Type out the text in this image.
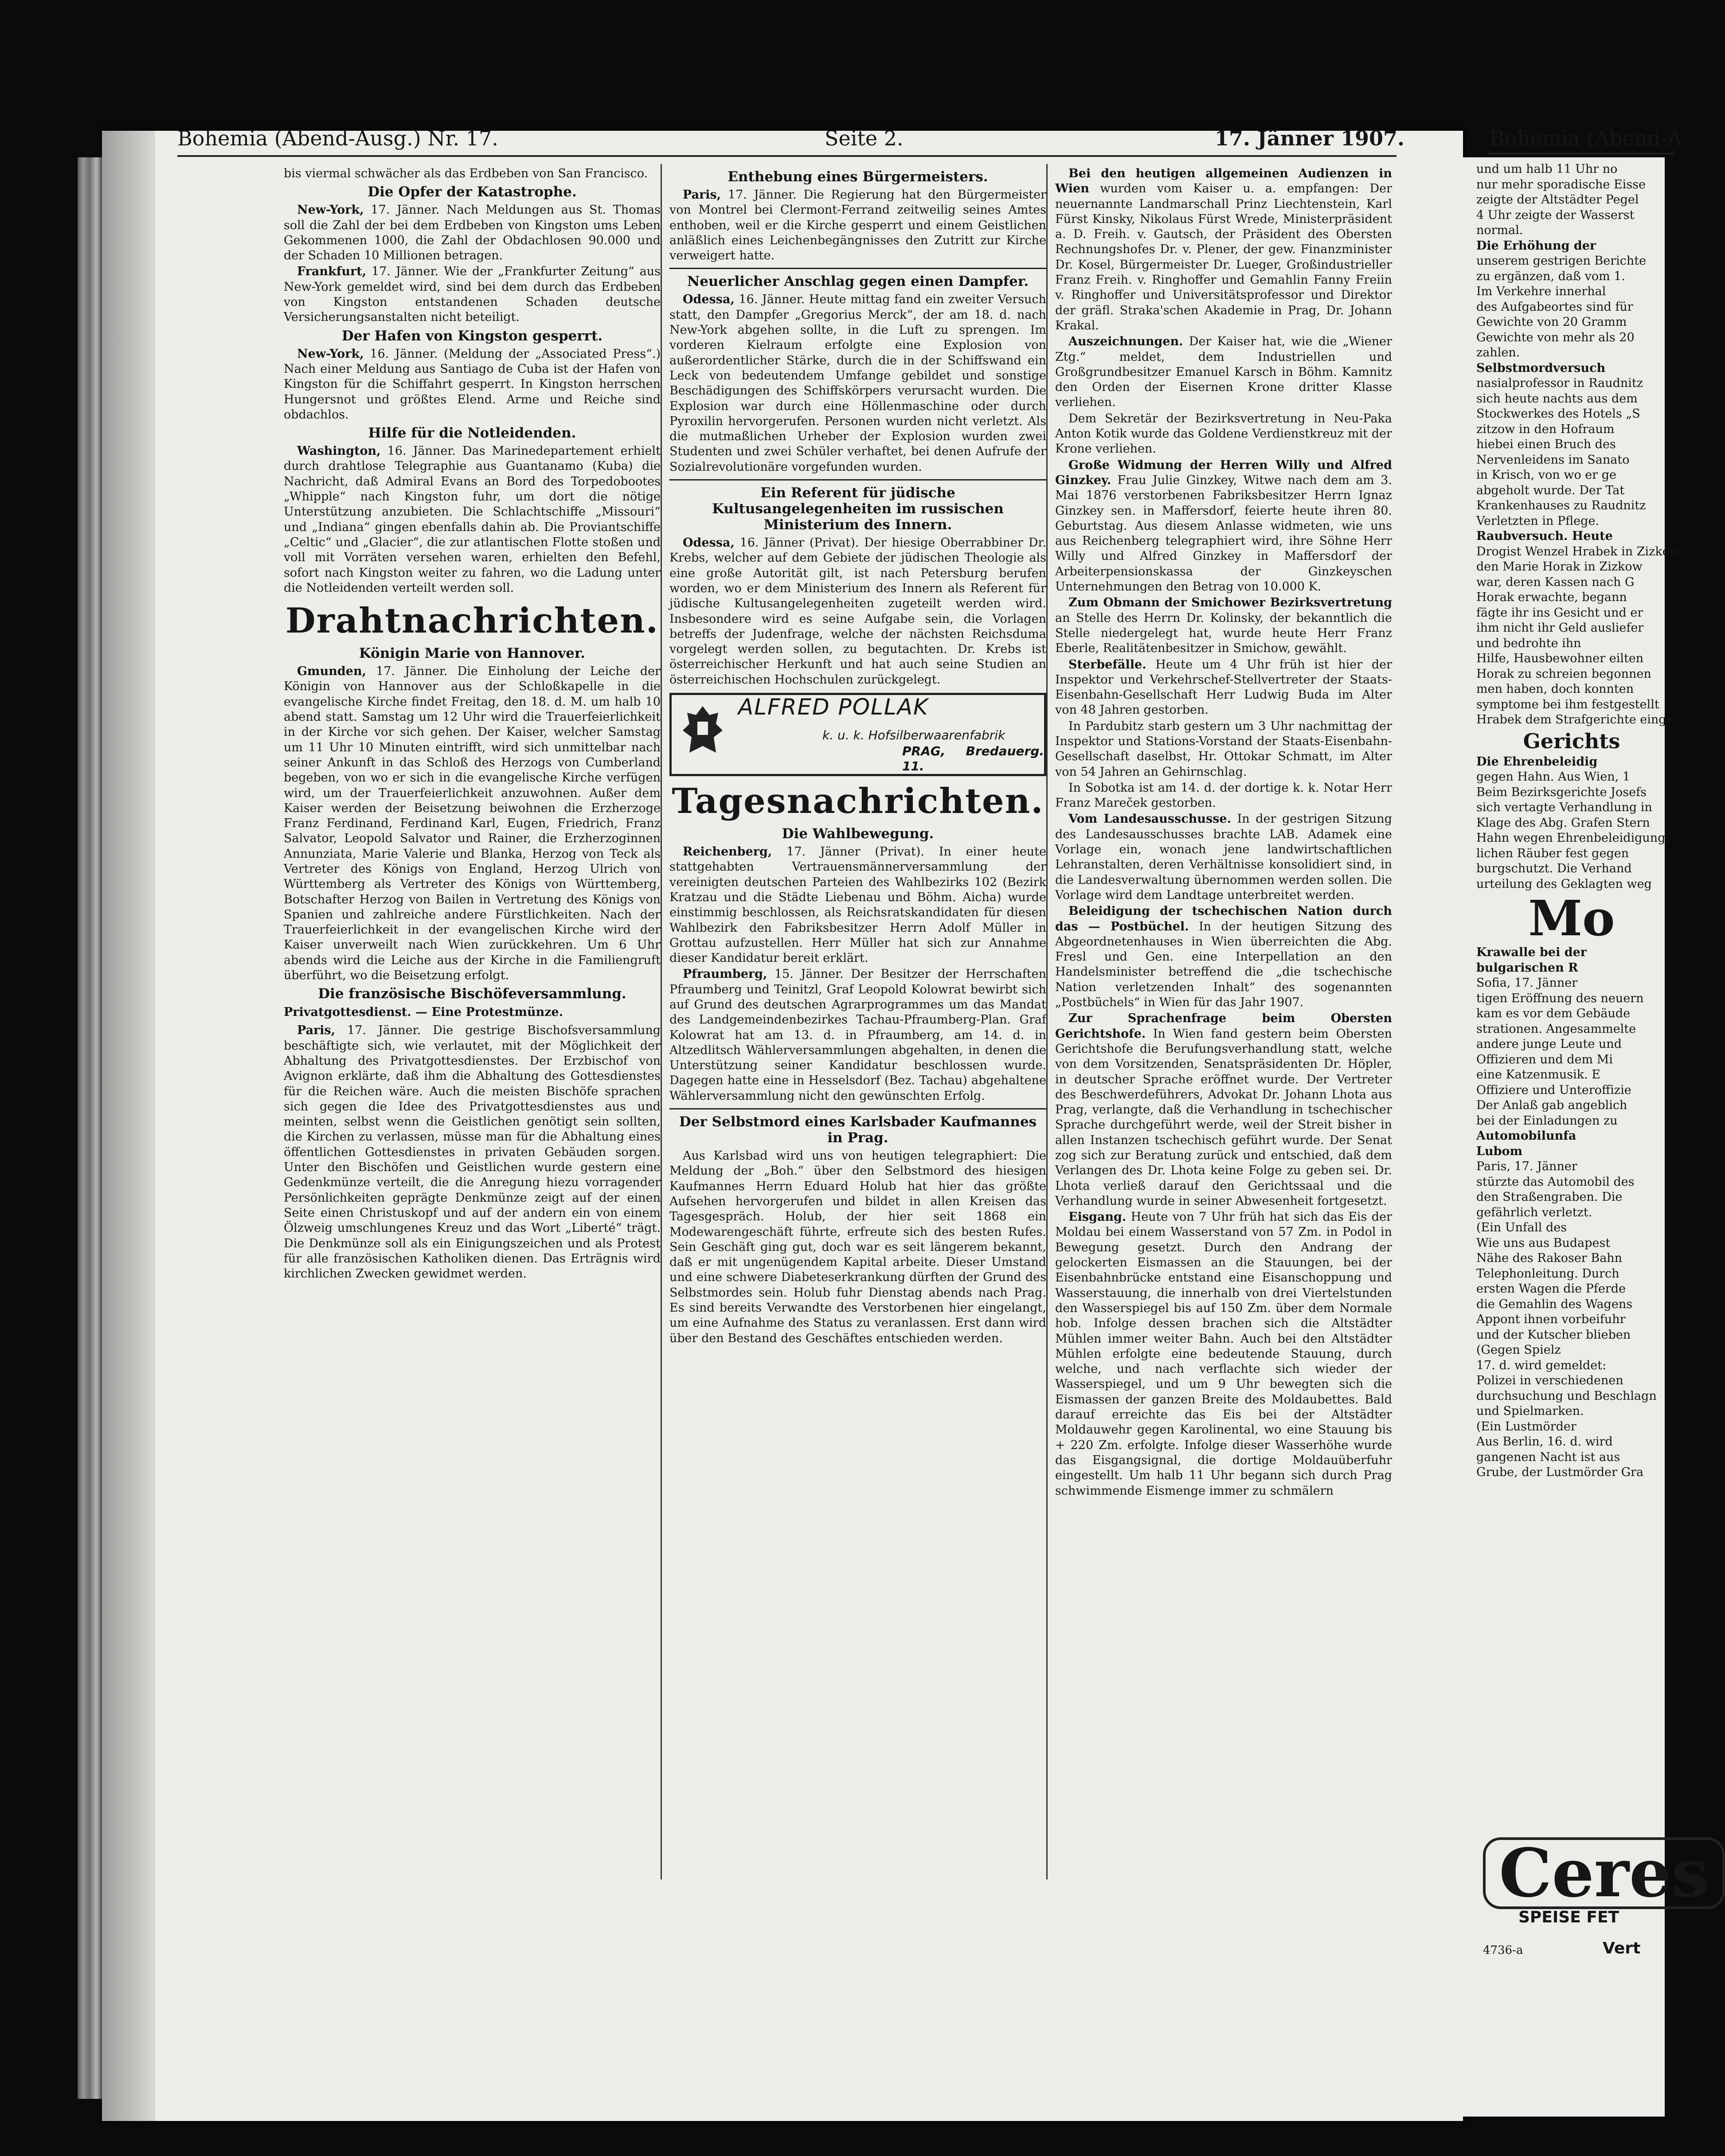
Bohemia (Abend-Ausg.) Nr. 17.	Seite 2.	17. Jänner 1907.

bis viermal schwächer als das Erdbeben von San Francisco.

Die Opfer der Katastrophe.

New-York, 17. Jänner. Nach Meldungen aus St. Thomas soll die Zahl der bei dem Erdbeben von Kingston ums Leben Gekommenen 1000, die Zahl der Obdachlosen 90.000 und der Schaden 10 Millionen betragen.

Frankfurt, 17. Jänner. Wie der „Frankfurter Zeitung“ aus New-York gemeldet wird, sind bei dem durch das Erdbeben von Kingston entstandenen Schaden deutsche Versicherungsanstalten nicht beteiligt.

Der Hafen von Kingston gesperrt.

New-York, 16. Jänner. (Meldung der „Associated Press“.) Nach einer Meldung aus Santiago de Cuba ist der Hafen von Kingston für die Schiffahrt gesperrt. In Kingston herrschen Hungersnot und größtes Elend. Arme und Reiche sind obdachlos.

Hilfe für die Notleidenden.

Washington, 16. Jänner. Das Marinedepartement erhielt durch drahtlose Telegraphie aus Guantanamo (Kuba) die Nachricht, daß Admiral Evans an Bord des Torpedobootes „Whipple“ nach Kingston fuhr, um dort die nötige Unterstützung anzubieten. Die Schlachtschiffe „Missouri“ und „Indiana“ gingen ebenfalls dahin ab. Die Proviantschiffe „Celtic“ und „Glacier“, die zur atlantischen Flotte stoßen und voll mit Vorräten versehen waren, erhielten den Befehl, sofort nach Kingston weiter zu fahren, wo die Ladung unter die Notleidenden verteilt werden soll.

Drahtnachrichten.
Königin Marie von Hannover.

Gmunden, 17. Jänner. Die Einholung der Leiche der Königin von Hannover aus der Schloßkapelle in die evangelische Kirche findet Freitag, den 18. d. M. um halb 10 abend statt. Samstag um 12 Uhr wird die Trauerfeierlichkeit in der Kirche vor sich gehen. Der Kaiser, welcher Samstag um 11 Uhr 10 Minuten eintrifft, wird sich unmittelbar nach seiner Ankunft in das Schloß des Herzogs von Cumberland begeben, von wo er sich in die evangelische Kirche verfügen wird, um der Trauerfeierlichkeit anzuwohnen. Außer dem Kaiser werden der Beisetzung beiwohnen die Erzherzoge Franz Ferdinand, Ferdinand Karl, Eugen, Friedrich, Franz Salvator, Leopold Salvator und Rainer, die Erzherzoginnen Annunziata, Marie Valerie und Blanka, Herzog von Teck als Vertreter des Königs von England, Herzog Ulrich von Württemberg als Vertreter des Königs von Württemberg, Botschafter Herzog von Bailen in Vertretung des Königs von Spanien und zahlreiche andere Fürstlichkeiten. Nach der Trauerfeierlichkeit in der evangelischen Kirche wird der Kaiser unverweilt nach Wien zurückkehren. Um 6 Uhr abends wird die Leiche aus der Kirche in die Familiengruft überführt, wo die Beisetzung erfolgt.

Die französische Bischöfeversammlung.
Privatgottesdienst. — Eine Protestmünze.

Paris, 17. Jänner. Die gestrige Bischofsversammlung beschäftigte sich, wie verlautet, mit der Möglichkeit der Abhaltung des Privatgottesdienstes. Der Erzbischof von Avignon erklärte, daß ihm die Abhaltung des Gottesdienstes für die Reichen wäre. Auch die meisten Bischöfe sprachen sich gegen die Idee des Privatgottesdienstes aus und meinten, selbst wenn die Geistlichen genötigt sein sollten, die Kirchen zu verlassen, müsse man für die Abhaltung eines öffentlichen Gottesdienstes in privaten Gebäuden sorgen. Unter den Bischöfen und Geistlichen wurde gestern eine Gedenkmünze verteilt, die die Anregung hiezu vorragender Persönlichkeiten geprägte Denkmünze zeigt auf der einen Seite einen Christuskopf und auf der andern ein von einem Ölzweig umschlungenes Kreuz und das Wort „Liberté“ trägt. Die Denkmünze soll als ein Einigungszeichen und als Protest für alle französischen Katholiken dienen. Das Erträgnis wird kirchlichen Zwecken gewidmet werden.

Enthebung eines Bürgermeisters.

Paris, 17. Jänner. Die Regierung hat den Bürgermeister von Montrel bei Clermont-Ferrand zeitweilig seines Amtes enthoben, weil er die Kirche gesperrt und einem Geistlichen anläßlich eines Leichenbegängnisses den Zutritt zur Kirche verweigert hatte.

Neuerlicher Anschlag gegen einen Dampfer.

Odessa, 16. Jänner. Heute mittag fand ein zweiter Versuch statt, den Dampfer „Gregorius Merck“, der am 18. d. nach New-York abgehen sollte, in die Luft zu sprengen. Im vorderen Kielraum erfolgte eine Explosion von außerordentlicher Stärke, durch die in der Schiffswand ein Leck von bedeutendem Umfange gebildet und sonstige Beschädigungen des Schiffskörpers verursacht wurden. Die Explosion war durch eine Höllenmaschine oder durch Pyroxilin hervorgerufen. Personen wurden nicht verletzt. Als die mutmaßlichen Urheber der Explosion wurden zwei Studenten und zwei Schüler verhaftet, bei denen Aufrufe der Sozialrevolutionäre vorgefunden wurden.

Ein Referent für jüdische Kultusangelegenheiten im russischen Ministerium des Innern.

Odessa, 16. Jänner (Privat). Der hiesige Oberrabbiner Dr. Krebs, welcher auf dem Gebiete der jüdischen Theologie als eine große Autorität gilt, ist nach Petersburg berufen worden, wo er dem Ministerium des Innern als Referent für jüdische Kultusangelegenheiten zugeteilt werden wird. Insbesondere wird es seine Aufgabe sein, die Vorlagen betreffs der Judenfrage, welche der nächsten Reichsduma vorgelegt werden sollen, zu begutachten. Dr. Krebs ist österreichischer Herkunft und hat auch seine Studien an österreichischen Hochschulen zurückgelegt.

ALFRED POLLAK
k. u. k. Hofsilberwaarenfabrik
PRAG, Bredauerg. 11.
Tagesnachrichten.
Die Wahlbewegung.

Reichenberg, 17. Jänner (Privat). In einer heute stattgehabten Vertrauensmännerversammlung der vereinigten deutschen Parteien des Wahlbezirks 102 (Bezirk Kratzau und die Städte Liebenau und Böhm. Aicha) wurde einstimmig beschlossen, als Reichsratskandidaten für diesen Wahlbezirk den Fabriksbesitzer Herrn Adolf Müller in Grottau aufzustellen. Herr Müller hat sich zur Annahme dieser Kandidatur bereit erklärt.

Pfraumberg, 15. Jänner. Der Besitzer der Herrschaften Pfraumberg und Teinitzl, Graf Leopold Kolowrat bewirbt sich auf Grund des deutschen Agrarprogrammes um das Mandat des Landgemeindenbezirkes Tachau-Pfraumberg-Plan. Graf Kolowrat hat am 13. d. in Pfraumberg, am 14. d. in Altzedlitsch Wählerversammlungen abgehalten, in denen die Unterstützung seiner Kandidatur beschlossen wurde. Dagegen hatte eine in Hesselsdorf (Bez. Tachau) abgehaltene Wählerversammlung nicht den gewünschten Erfolg.

Der Selbstmord eines Karlsbader Kaufmannes in Prag.

Aus Karlsbad wird uns von heutigen telegraphiert: Die Meldung der „Boh.“ über den Selbstmord des hiesigen Kaufmannes Herrn Eduard Holub hat hier das größte Aufsehen hervorgerufen und bildet in allen Kreisen das Tagesgespräch. Holub, der hier seit 1868 ein Modewarengeschäft führte, erfreute sich des besten Rufes. Sein Geschäft ging gut, doch war es seit längerem bekannt, daß er mit ungenügendem Kapital arbeite. Dieser Umstand und eine schwere Diabeteserkrankung dürften der Grund des Selbstmordes sein. Holub fuhr Dienstag abends nach Prag. Es sind bereits Verwandte des Verstorbenen hier eingelangt, um eine Aufnahme des Status zu veranlassen. Erst dann wird über den Bestand des Geschäftes entschieden werden.

Bei den heutigen allgemeinen Audienzen in Wien wurden vom Kaiser u. a. empfangen: Der neuernannte Landmarschall Prinz Liechtenstein, Karl Fürst Kinsky, Nikolaus Fürst Wrede, Ministerpräsident a. D. Freih. v. Gautsch, der Präsident des Obersten Rechnungshofes Dr. v. Plener, der gew. Finanzminister Dr. Kosel, Bürgermeister Dr. Lueger, Großindustrieller Franz Freih. v. Ringhoffer und Gemahlin Fanny Freiin v. Ringhoffer und Universitätsprofessor und Direktor der gräfl. Straka'schen Akademie in Prag, Dr. Johann Krakal.

Auszeichnungen. Der Kaiser hat, wie die „Wiener Ztg.“ meldet, dem Industriellen und Großgrundbesitzer Emanuel Karsch in Böhm. Kamnitz den Orden der Eisernen Krone dritter Klasse verliehen.

Dem Sekretär der Bezirksvertretung in Neu-Paka Anton Kotik wurde das Goldene Verdienstkreuz mit der Krone verliehen.

Große Widmung der Herren Willy und Alfred Ginzkey. Frau Julie Ginzkey, Witwe nach dem am 3. Mai 1876 verstorbenen Fabriksbesitzer Herrn Ignaz Ginzkey sen. in Maffersdorf, feierte heute ihren 80. Geburtstag. Aus diesem Anlasse widmeten, wie uns aus Reichenberg telegraphiert wird, ihre Söhne Herr Willy und Alfred Ginzkey in Maffersdorf der Arbeiterpensionskassa der Ginzkeyschen Unternehmungen den Betrag von 10.000 K.

Zum Obmann der Smichower Bezirksvertretung an Stelle des Herrn Dr. Kolinsky, der bekanntlich die Stelle niedergelegt hat, wurde heute Herr Franz Eberle, Realitätenbesitzer in Smichow, gewählt.

Sterbefälle. Heute um 4 Uhr früh ist hier der Inspektor und Verkehrschef-Stellvertreter der Staats-Eisenbahn-Gesellschaft Herr Ludwig Buda im Alter von 48 Jahren gestorben.

In Pardubitz starb gestern um 3 Uhr nachmittag der Inspektor und Stations-Vorstand der Staats-Eisenbahn-Gesellschaft daselbst, Hr. Ottokar Schmatt, im Alter von 54 Jahren an Gehirnschlag.

In Sobotka ist am 14. d. der dortige k. k. Notar Herr Franz Mareček gestorben.

Vom Landesausschusse. In der gestrigen Sitzung des Landesausschusses brachte LAB. Adamek eine Vorlage ein, wonach jene landwirtschaftlichen Lehranstalten, deren Verhältnisse konsolidiert sind, in die Landesverwaltung übernommen werden sollen. Die Vorlage wird dem Landtage unterbreitet werden.

Beleidigung der tschechischen Nation durch das — Postbüchel. In der heutigen Sitzung des Abgeordnetenhauses in Wien überreichten die Abg. Fresl und Gen. eine Interpellation an den Handelsminister betreffend die „die tschechische Nation verletzenden Inhalt“ des sogenannten „Postbüchels“ in Wien für das Jahr 1907.

Zur Sprachenfrage beim Obersten Gerichtshofe. In Wien fand gestern beim Obersten Gerichtshofe die Berufungsverhandlung statt, welche von dem Vorsitzenden, Senatspräsidenten Dr. Höpler, in deutscher Sprache eröffnet wurde. Der Vertreter des Beschwerdeführers, Advokat Dr. Johann Lhota aus Prag, verlangte, daß die Verhandlung in tschechischer Sprache durchgeführt werde, weil der Streit bisher in allen Instanzen tschechisch geführt wurde. Der Senat zog sich zur Beratung zurück und entschied, daß dem Verlangen des Dr. Lhota keine Folge zu geben sei. Dr. Lhota verließ darauf den Gerichtssaal und die Verhandlung wurde in seiner Abwesenheit fortgesetzt.

Eisgang. Heute von 7 Uhr früh hat sich das Eis der Moldau bei einem Wasserstand von 57 Zm. in Podol in Bewegung gesetzt. Durch den Andrang der gelockerten Eismassen an die Stauungen, bei der Eisenbahnbrücke entstand eine Eisanschoppung und Wasserstauung, die innerhalb von drei Viertelstunden den Wasserspiegel bis auf 150 Zm. über dem Normale hob. Infolge dessen brachen sich die Altstädter Mühlen immer weiter Bahn. Auch bei den Altstädter Mühlen erfolgte eine bedeutende Stauung, durch welche, und nach verflachte sich wieder der Wasserspiegel, und um 9 Uhr bewegten sich die Eismassen der ganzen Breite des Moldaubettes. Bald darauf erreichte das Eis bei der Altstädter Moldauwehr gegen Karolinental, wo eine Stauung bis + 220 Zm. erfolgte. Infolge dieser Wasserhöhe wurde das Eisgangsignal, die dortige Moldauüberfuhr eingestellt. Um halb 11 Uhr begann sich durch Prag schwimmende Eismenge immer zu schmälern

Bohemia (Abend-A
und um halb 11 Uhr no
nur mehr sporadische Eisse
zeigte der Altstädter Pegel
4 Uhr zeigte der Wasserst
normal.
Die Erhöhung der
unserem gestrigen Berichte
zu ergänzen, daß vom 1.
Im Verkehre innerhal
des Aufgabeortes sind für
Gewichte von 20 Gramm
Gewichte von mehr als 20
zahlen.
Selbstmordversuch
nasialprofessor in Raudnitz
sich heute nachts aus dem
Stockwerkes des Hotels „S
zitzow in den Hofraum
hiebei einen Bruch des
Nervenleidens im Sanato
in Krisch, von wo er ge
abgeholt wurde. Der Tat
Krankenhauses zu Raudnitz
Verletzten in Pflege.
Raubversuch. Heute
Drogist Wenzel Hrabek in Zizkow
den Marie Horak in Zizkow
war, deren Kassen nach G
Horak erwachte, begann
fägte ihr ins Gesicht und er
ihm nicht ihr Geld ausliefer
und bedrohte ihn
Hilfe, Hausbewohner eilten
Horak zu schreien begonnen
men haben, doch konnten
symptome bei ihm festgestellt
Hrabek dem Strafgerichte einge
Gerichts
Die Ehrenbeleidig
gegen Hahn. Aus Wien, 1
Beim Bezirksgerichte Josefs
sich vertagte Verhandlung in
Klage des Abg. Grafen Stern
Hahn wegen Ehrenbeleidigung
lichen Räuber fest gegen
burgschutzt. Die Verhand
urteilung des Geklagten weg
Mo
Krawalle bei der
bulgarischen R
Sofia, 17. Jänner
tigen Eröffnung des neuern
kam es vor dem Gebäude
strationen. Angesammelte
andere junge Leute und
Offizieren und dem Mi
eine Katzenmusik. E
Offiziere und Unteroffizie
Der Anlaß gab angeblich
bei der Einladungen zu
Automobilunfa
Lubom
Paris, 17. Jänner
stürzte das Automobil des
den Straßengraben. Die
gefährlich verletzt.
(Ein Unfall des
Wie uns aus Budapest
Nähe des Rakoser Bahn
Telephonleitung. Durch
ersten Wagen die Pferde
die Gemahlin des Wagens
Appont ihnen vorbeifuhr
und der Kutscher blieben
(Gegen Spielz
17. d. wird gemeldet:
Polizei in verschiedenen
durchsuchung und Beschlagn
und Spielmarken.
(Ein Lustmörder
Aus Berlin, 16. d. wird
gangenen Nacht ist aus
Grube, der Lustmörder Gra
Ceres
SPEISE FET
4736-a	Vert
